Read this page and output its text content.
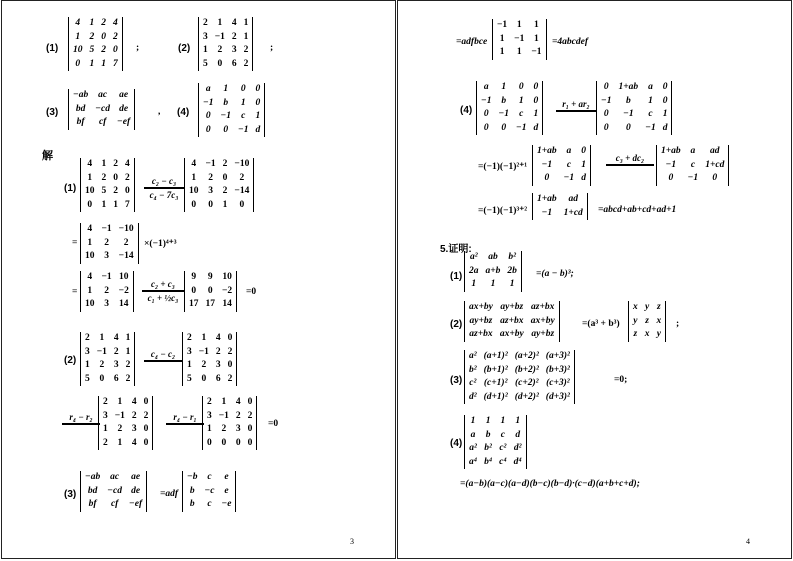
(1)
4 1 2 4
1 2 0 2
10 5 2 0
0 1 1 7
;	(2)
2 1 4 1
3 −1 2 1
1 2 3 2
5 0 6 2
;
(3)
−ab	ac	ae
bd	−cd de
bf	cf	−ef
, (4)
a	1	0	0
−1	b	1	0
0	−1	c	1
0	0	−1 d
解
(1)
4 1 2 4
1 2 0 2
10 5 2 0
0 1 1 7
c₂ − c₃
c₄ − 7c₃
4 −1 2 −10
1 2 0	2
10 3 2 −14
0 0 1	0
=
4 −1 −10
1 2	2
10 3 −14
×(−1)⁴⁺³
=
4 −1 10
1 2 −2
10 3 14
c₂ + c₃
c₁ + ½c₃
9 9 10
0 0 −2
17 17 14
=0
(2)
2 1 4 1
3 −1 2 1
1 2 3 2
5 0 6 2
c₄ − c₂
2 1 4 0
3 −1 2 2
1 2 3 0
5 0 6 2
r₄ − r₂
2 1 4 0
3 −1 2 2
1 2 3 0
2 1 4 0
r₄ − r₁
2 1 4 0
3 −1 2 2
1 2 3 0
0 0 0 0
=0
(3)
−ab	ac	ae
bd	−cd de
bf	cf	−ef
=adf
−b	c	e
b	−c	e
b	c	−e
3
=adfbce
−1 1 1
1 −1 1
1 1 −1
=4abcdef
(4)
a	1	0	0
−1	b	1	0
0	−1	c	1
0	0	−1 d
r₁ + ar₂
0	1+ab	a	0
−1	b	1	0
0	−1	c	1
0	0	−1 d
=(−1)(−1)²⁺¹
1+ab	a	0
−1	c	1
0	−1 d
c₃ + dc₂
1+ab	a	ad
−1	c	1+cd
0	−1	0
=(−1)(−1)³⁺²
1+ab	ad
−1	1+cd =abcd+ab+cd+ad+1
5.证明:
(1)
a² ab b²
2a a+b 2b
1	1	1
=(a − b)³;
(2)
ax+by ay+bz az+bx
ay+bz az+bx ax+by
az+bx ax+by ay+bz
=(a³ + b³)
x y z
y z x
z x y
;
(3)
a² (a+1)² (a+2)² (a+3)²
b² (b+1)² (b+2)² (b+3)²
c² (c+1)² (c+2)² (c+3)²
d² (d+1)² (d+2)² (d+3)²
=0;
(4)
1 1 1 1
a b c d
a² b² c² d²
a⁴ b⁴ c⁴ d⁴
=(a−b)(a−c)(a−d)(b−c)(b−d)·(c−d)(a+b+c+d);
4
